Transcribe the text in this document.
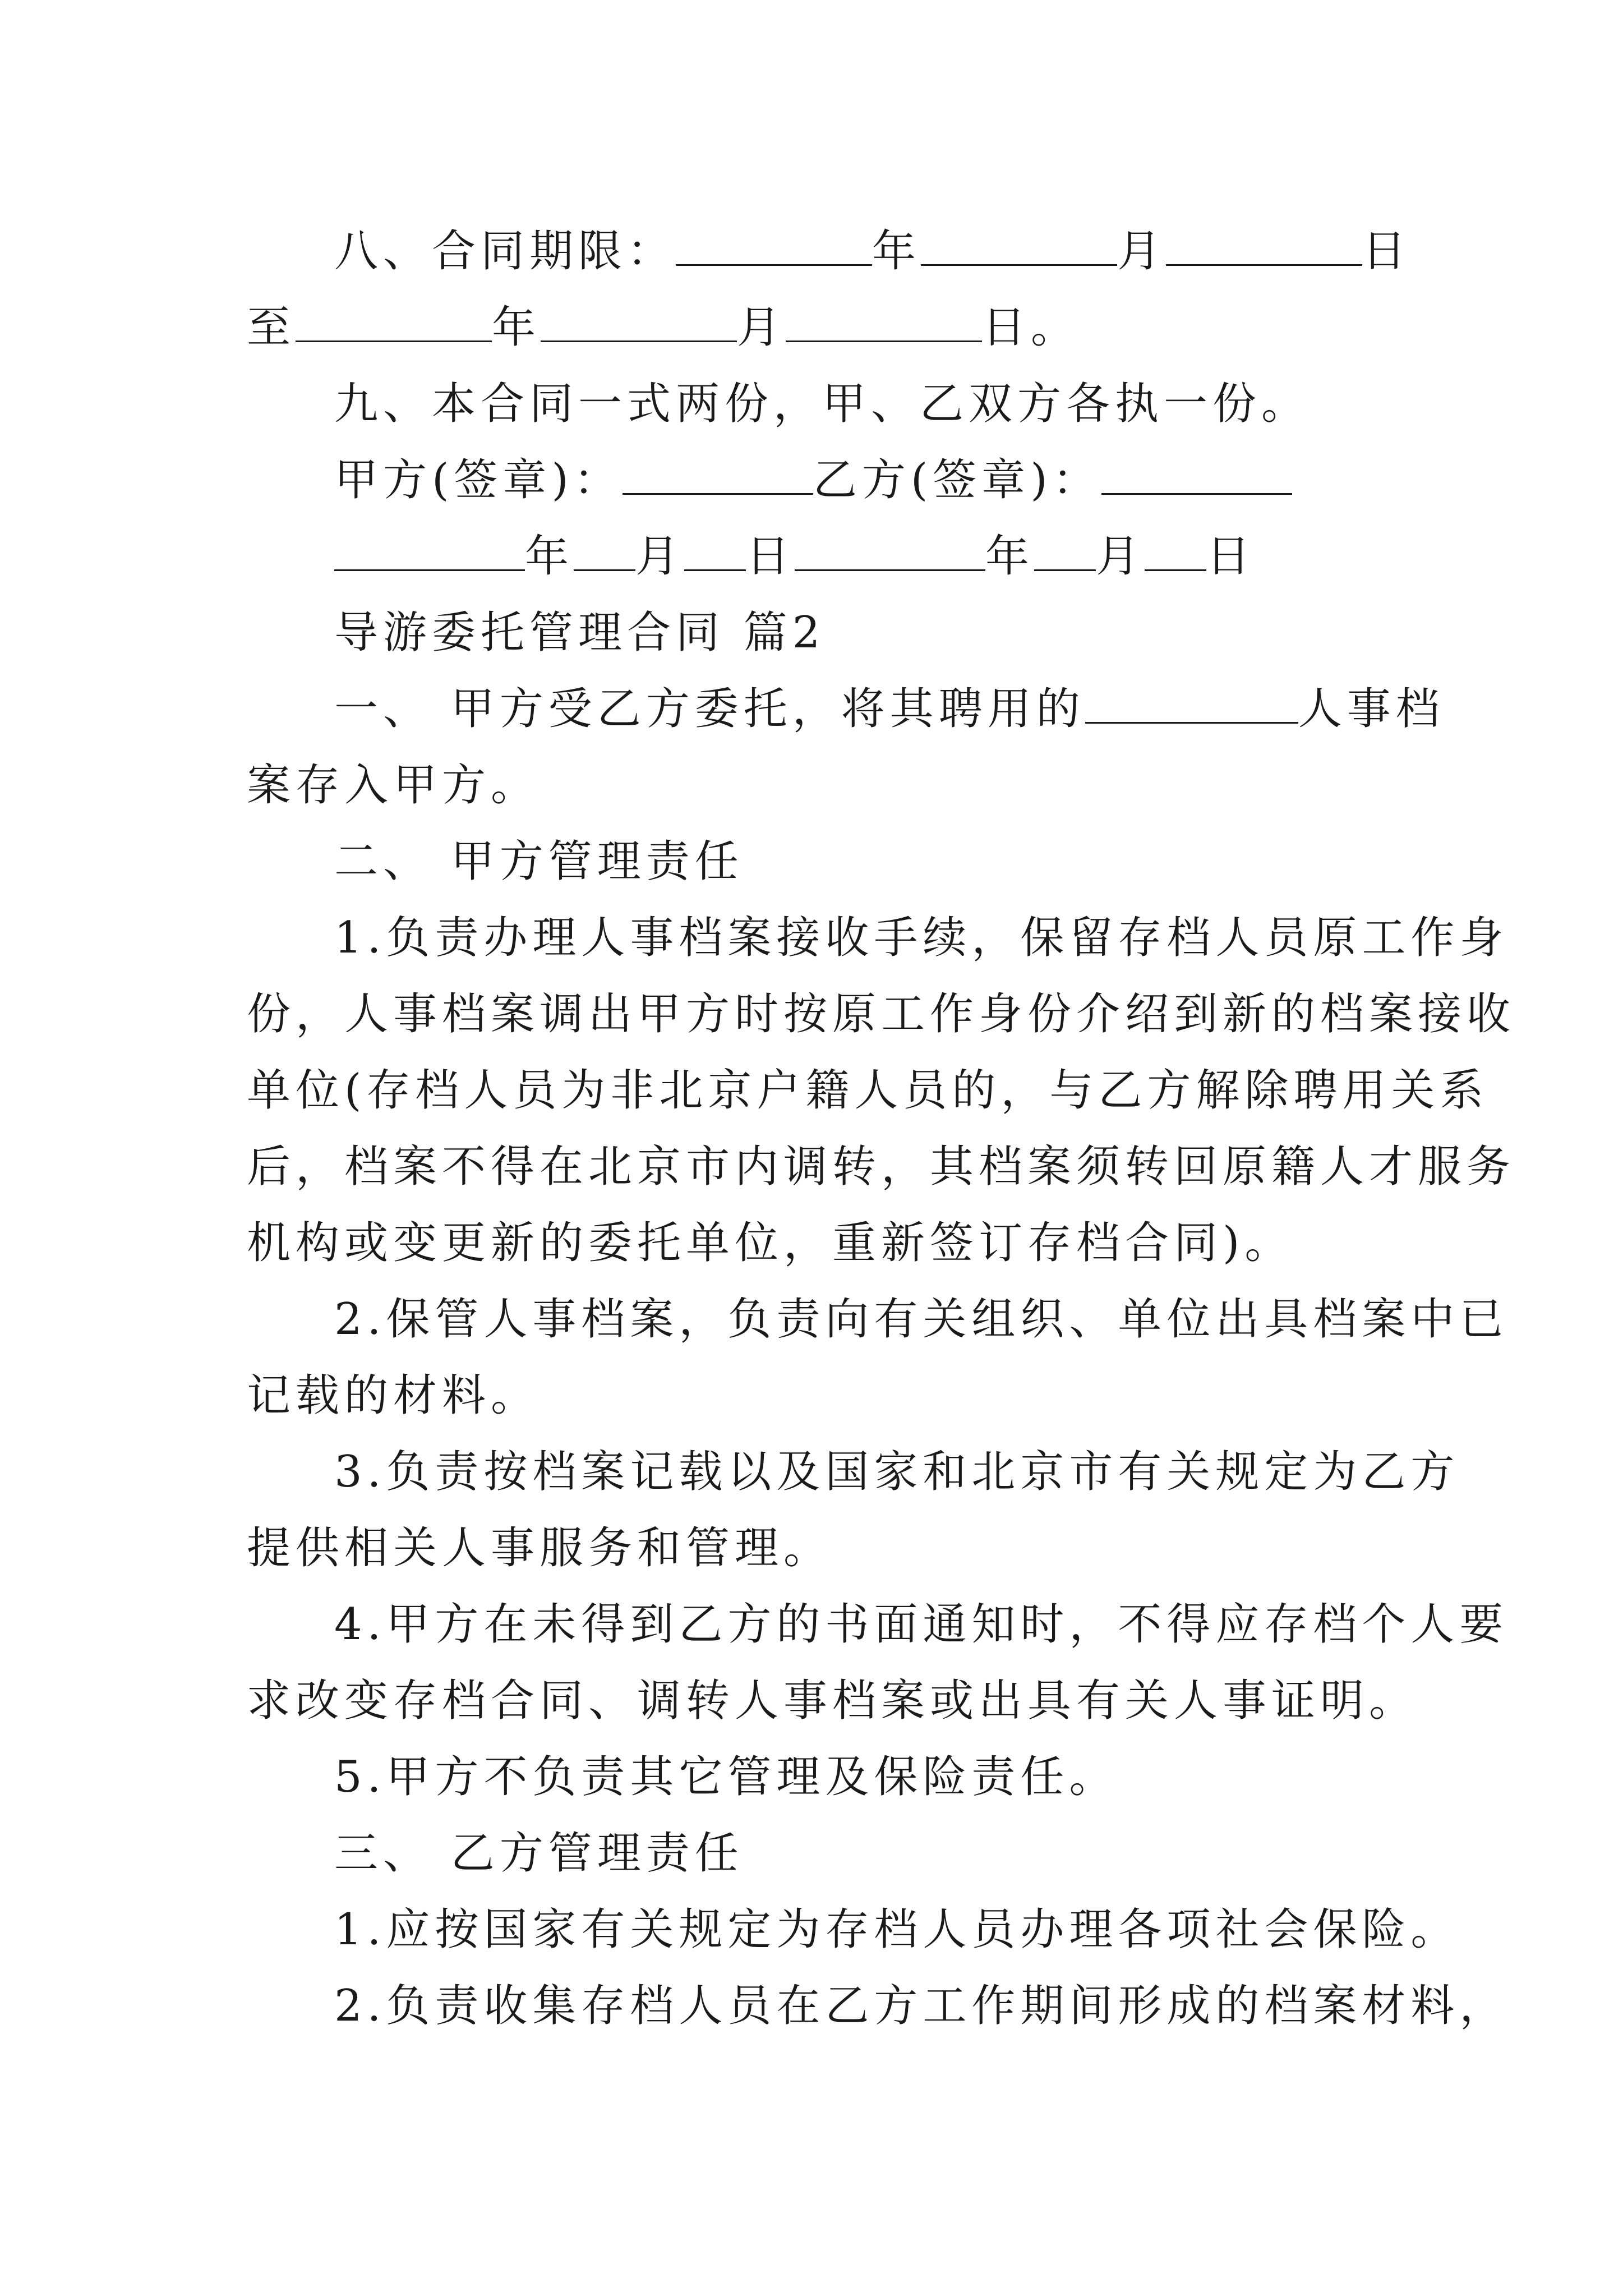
八、合同期限：	年	月	日

至	年	月	日。

九、本合同一式两份，甲、乙双方各执一份。

甲方(签章)：	乙方(签章)：

年 月 日	年 月 日

导游委托管理合同 篇2

一、 甲方受乙方委托，将其聘用的	人事档

案存入甲方。

二、 甲方管理责任

1.负责办理人事档案接收手续，保留存档人员原工作身

份，人事档案调出甲方时按原工作身份介绍到新的档案接收

单位(存档人员为非北京户籍人员的，与乙方解除聘用关系

后，档案不得在北京市内调转，其档案须转回原籍人才服务

机构或变更新的委托单位，重新签订存档合同)。

2.保管人事档案，负责向有关组织、单位出具档案中已

记载的材料。

3.负责按档案记载以及国家和北京市有关规定为乙方

提供相关人事服务和管理。

4.甲方在未得到乙方的书面通知时，不得应存档个人要

求改变存档合同、调转人事档案或出具有关人事证明。

5.甲方不负责其它管理及保险责任。

三、 乙方管理责任

1.应按国家有关规定为存档人员办理各项社会保险。

2.负责收集存档人员在乙方工作期间形成的档案材料，
